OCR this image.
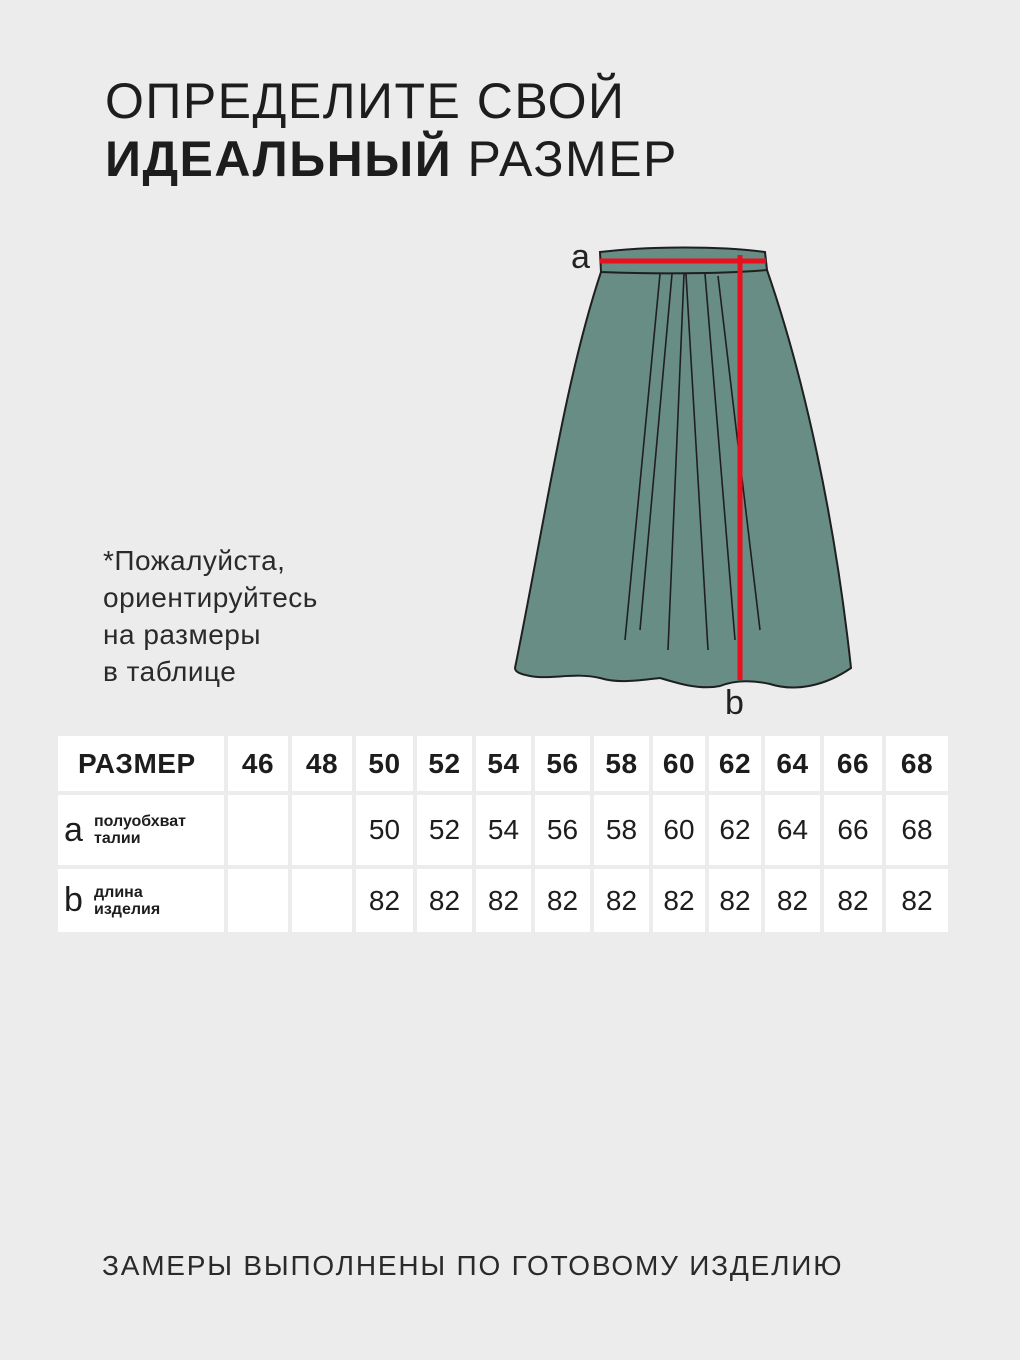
ОПРЕДЕЛИТЕ СВОЙ
ИДЕАЛЬНЫЙ РАЗМЕР
*Пожалуйста,
ориентируйтесь
на размеры
в таблице
a
b
РАЗМЕР	46	48	50	52	54	56	58	60	62	64	66	68

a полуобхват
талии			50	52	54	56	58	60	62	64	66	68

b длина
изделия			82	82	82	82	82	82	82	82	82	82
ЗАМЕРЫ ВЫПОЛНЕНЫ ПО ГОТОВОМУ ИЗДЕЛИЮ
